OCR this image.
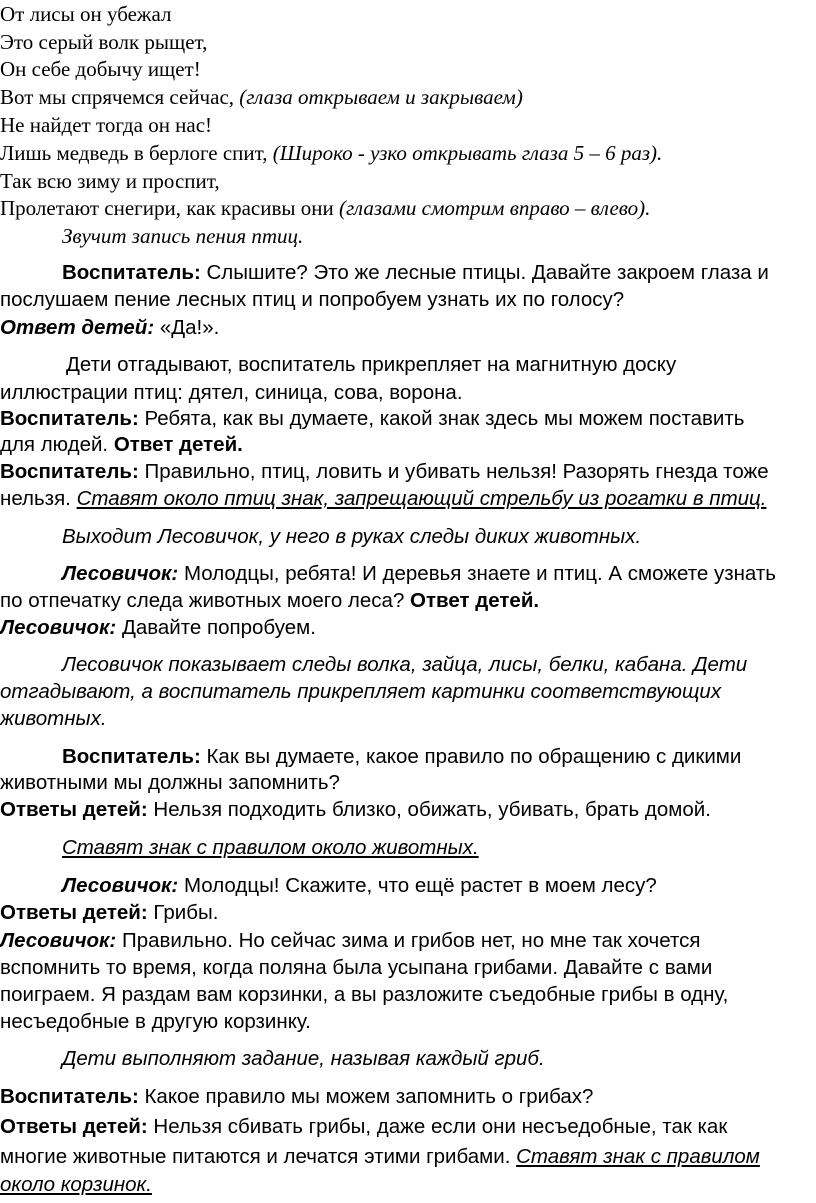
От лисы он убежал

Это серый волк рыщет,

Он себе добычу ищет!

Вот мы спрячемся сейчас, (глаза открываем и закрываем)

Не найдет тогда он нас!

Лишь медведь в берлоге спит, (Широко - узко открывать глаза 5 – 6 раз).

Так всю зиму и проспит,

Пролетают снегири, как красивы они (глазами смотрим вправо – влево).

Звучит запись пения птиц.

Воспитатель: Слышите? Это же лесные птицы. Давайте закроем глаза и

послушаем пение лесных птиц и попробуем узнать их по голосу?

Ответ детей: «Да!».

Дети отгадывают, воспитатель прикрепляет на магнитную доску

иллюстрации птиц: дятел, синица, сова, ворона.

Воспитатель: Ребята, как вы думаете, какой знак здесь мы можем поставить

для людей. Ответ детей.

Воспитатель: Правильно, птиц, ловить и убивать нельзя! Разорять гнезда тоже

нельзя. Ставят около птиц знак, запрещающий стрельбу из рогатки в птиц.

Выходит Лесовичок, у него в руках следы диких животных.

Лесовичок: Молодцы, ребята! И деревья знаете и птиц. А сможете узнать

по отпечатку следа животных моего леса? Ответ детей.

Лесовичок: Давайте попробуем.

Лесовичок показывает следы волка, зайца, лисы, белки, кабана. Дети

отгадывают, а воспитатель прикрепляет картинки соответствующих

животных.

Воспитатель: Как вы думаете, какое правило по обращению с дикими

животными мы должны запомнить?

Ответы детей: Нельзя подходить близко, обижать, убивать, брать домой.

Ставят знак с правилом около животных.

Лесовичок: Молодцы! Скажите, что ещё растет в моем лесу?

Ответы детей: Грибы.

Лесовичок: Правильно. Но сейчас зима и грибов нет, но мне так хочется

вспомнить то время, когда поляна была усыпана грибами. Давайте с вами

поиграем. Я раздам вам корзинки, а вы разложите съедобные грибы в одну,

несъедобные в другую корзинку.

Дети выполняют задание, называя каждый гриб.

Воспитатель: Какое правило мы можем запомнить о грибах?

Ответы детей: Нельзя сбивать грибы, даже если они несъедобные, так как

многие животные питаются и лечатся этими грибами. Ставят знак с правилом

около корзинок.
